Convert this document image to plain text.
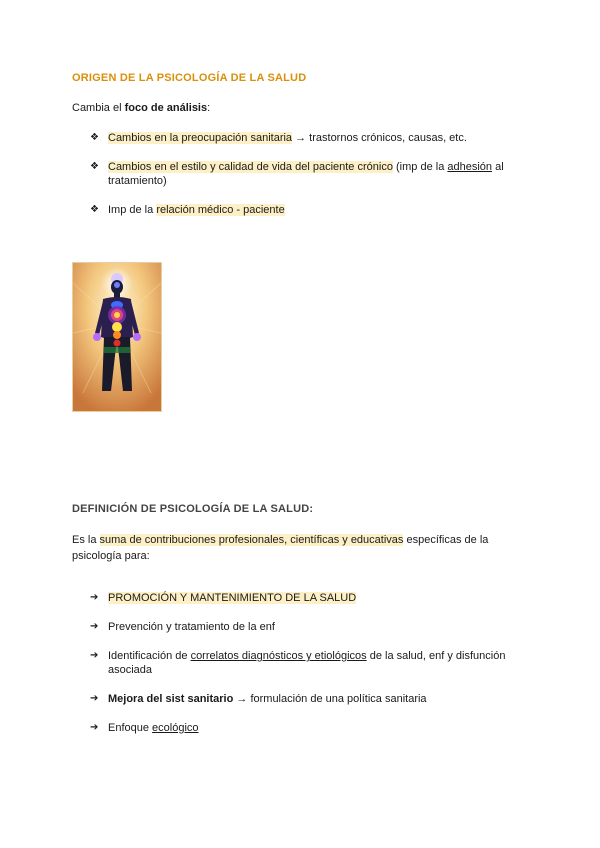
ORIGEN DE LA PSICOLOGÍA DE LA SALUD
Cambia el foco de análisis:
❖ Cambios en la preocupación sanitaria → trastornos crónicos, causas, etc.
❖ Cambios en el estilo y calidad de vida del paciente crónico (imp de la adhesión al tratamiento)
❖ Imp de la relación médico - paciente
DEFINICIÓN DE PSICOLOGÍA DE LA SALUD:
Es la suma de contribuciones profesionales, científicas y educativas específicas de la psicología para:
➔ PROMOCIÓN Y MANTENIMIENTO DE LA SALUD
➔ Prevención y tratamiento de la enf
➔ Identificación de correlatos diagnósticos y etiológicos de la salud, enf y disfunción asociada
➔ Mejora del sist sanitario → formulación de una política sanitaria
➔ Enfoque ecológico
